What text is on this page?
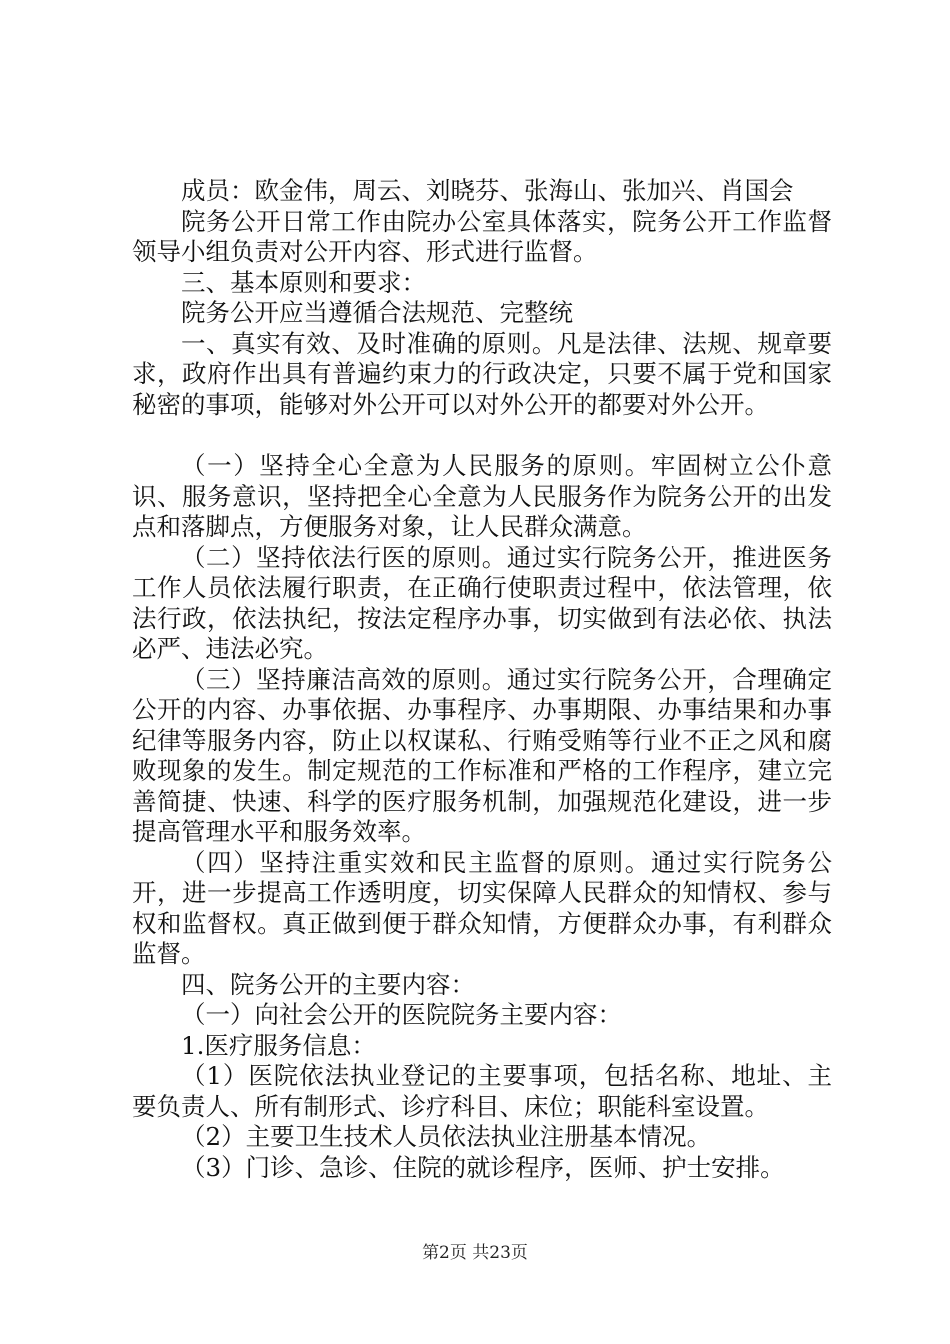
成员：欧金伟，周云、刘晓芬、张海山、张加兴、肖国会

院务公开日常工作由院办公室具体落实，院务公开工作监督领导小组负责对公开内容、形式进行监督。

三、基本原则和要求：

院务公开应当遵循合法规范、完整统

一、真实有效、及时准确的原则。凡是法律、法规、规章要求，政府作出具有普遍约束力的行政决定，只要不属于党和国家秘密的事项，能够对外公开可以对外公开的都要对外公开。

（一）坚持全心全意为人民服务的原则。牢固树立公仆意识、服务意识，坚持把全心全意为人民服务作为院务公开的出发点和落脚点，方便服务对象，让人民群众满意。

（二）坚持依法行医的原则。通过实行院务公开，推进医务工作人员依法履行职责，在正确行使职责过程中，依法管理，依法行政，依法执纪，按法定程序办事，切实做到有法必依、执法必严、违法必究。

（三）坚持廉洁高效的原则。通过实行院务公开，合理确定公开的内容、办事依据、办事程序、办事期限、办事结果和办事纪律等服务内容，防止以权谋私、行贿受贿等行业不正之风和腐败现象的发生。制定规范的工作标准和严格的工作程序，建立完善简捷、快速、科学的医疗服务机制，加强规范化建设，进一步提高管理水平和服务效率。

（四）坚持注重实效和民主监督的原则。通过实行院务公开，进一步提高工作透明度，切实保障人民群众的知情权、参与权和监督权。真正做到便于群众知情，方便群众办事，有利群众监督。

四、院务公开的主要内容：

（一）向社会公开的医院院务主要内容：

1.医疗服务信息：

（1）医院依法执业登记的主要事项，包括名称、地址、主要负责人、所有制形式、诊疗科目、床位；职能科室设置。

（2）主要卫生技术人员依法执业注册基本情况。

（3）门诊、急诊、住院的就诊程序，医师、护士安排。

第2页 共23页
